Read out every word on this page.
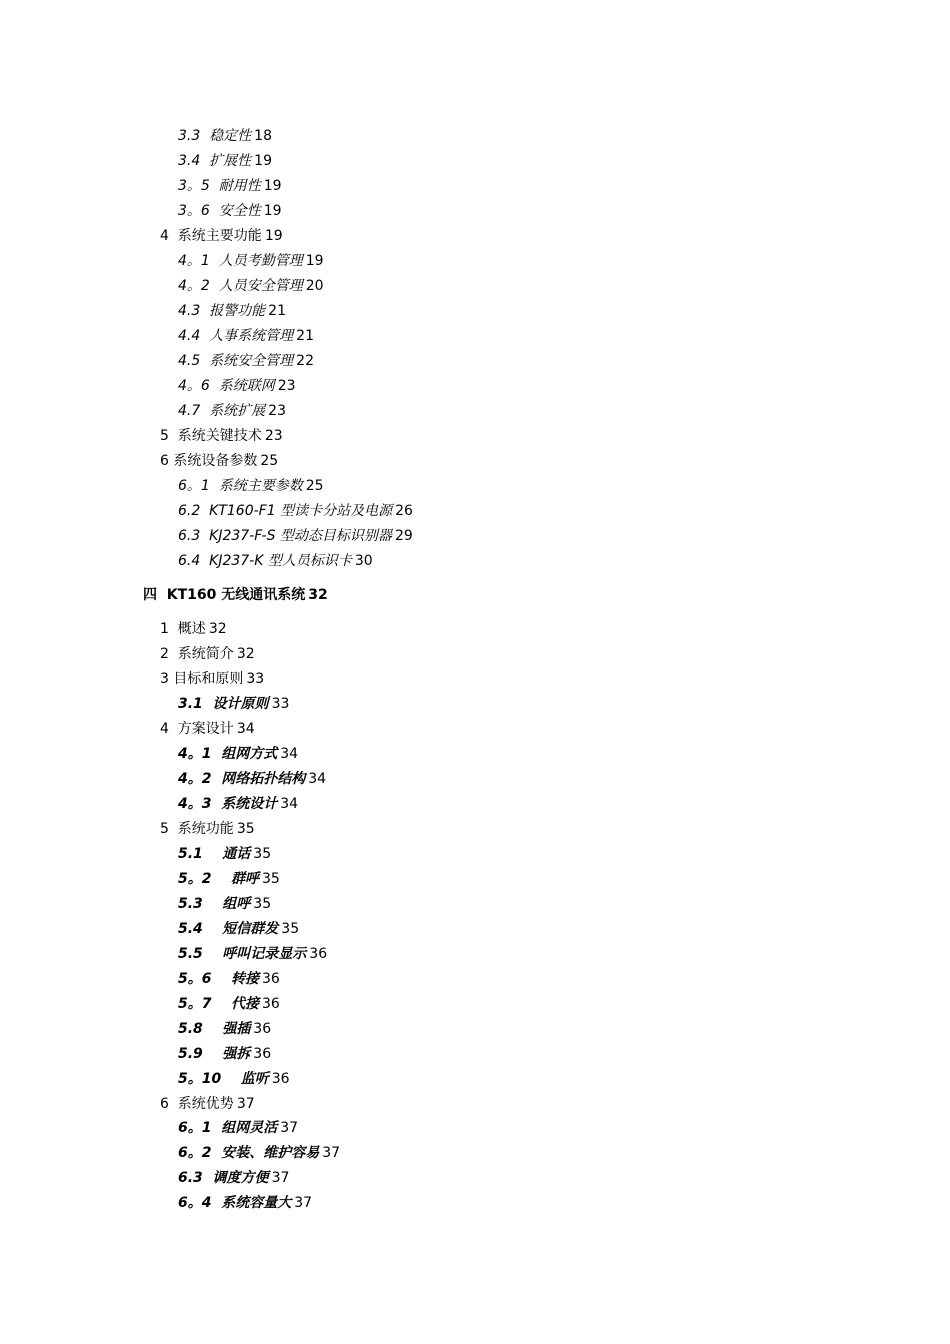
3.3  稳定性 18
3.4  扩展性 19
3。5  耐用性 19
3。6  安全性 19
4  系统主要功能 19
4。1  人员考勤管理 19
4。2  人员安全管理 20
4.3  报警功能 21
4.4  人事系统管理 21
4.5  系统安全管理 22
4。6  系统联网 23
4.7  系统扩展 23
5  系统关键技术 23
6 系统设备参数 25
6。1  系统主要参数 25
6.2  KT160-F1 型读卡分站及电源 26
6.3  KJ237-F-S 型动态目标识别器 29
6.4  KJ237-K 型人员标识卡 30
四  KT160 无线通讯系统 32
1  概述 32
2  系统简介 32
3 目标和原则 33
3.1  设计原则 33
4  方案设计 34
4。1  组网方式 34
4。2  网络拓扑结构 34
4。3  系统设计 34
5  系统功能 35
5.1    通话 35
5。2    群呼 35
5.3    组呼 35
5.4    短信群发 35
5.5    呼叫记录显示 36
5。6    转接 36
5。7    代接 36
5.8    强插 36
5.9    强拆 36
5。10    监听 36
6  系统优势 37
6。1  组网灵活 37
6。2  安装、维护容易 37
6.3  调度方便 37
6。4  系统容量大 37
